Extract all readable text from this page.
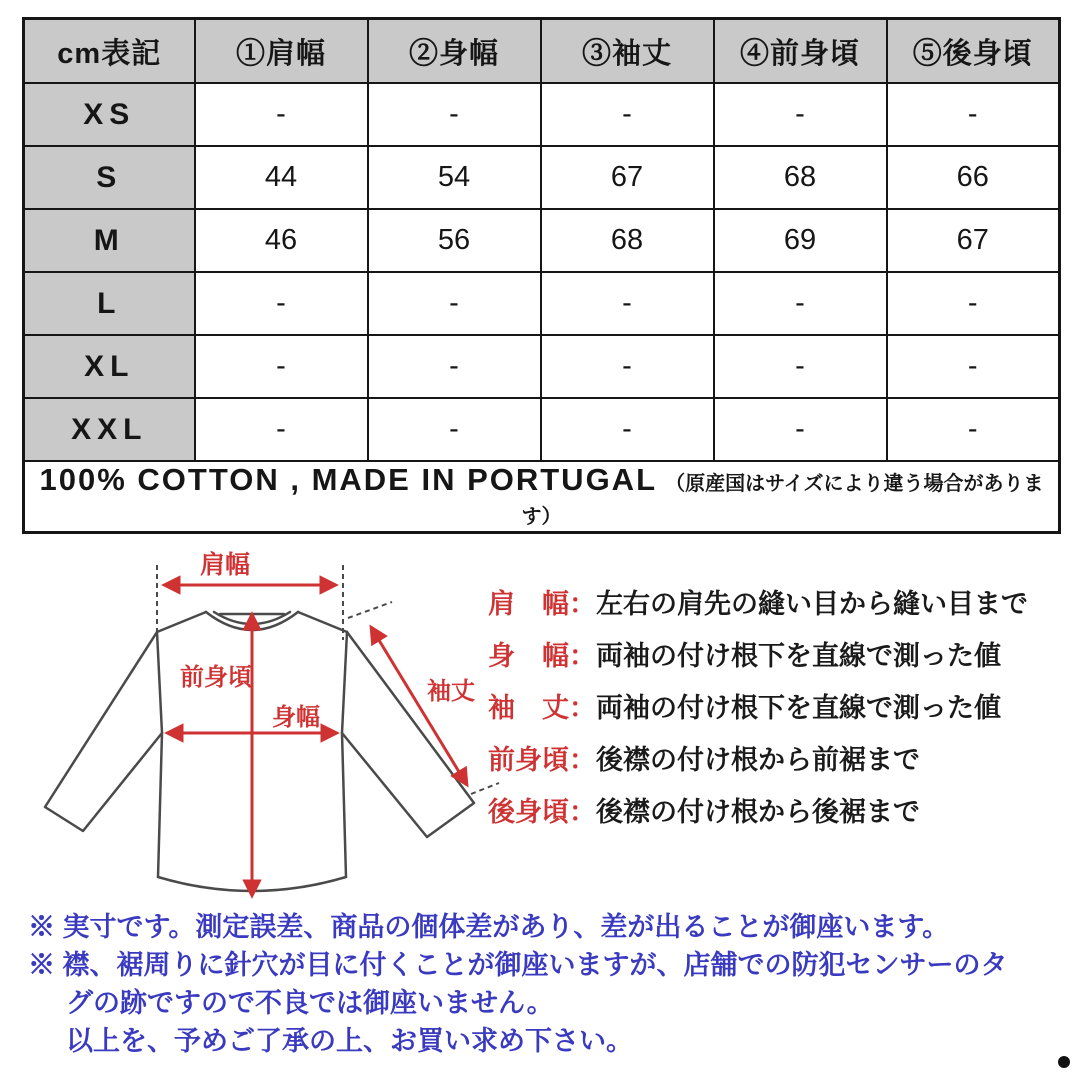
cm表記	①肩幅	②身幅	③袖丈	④前身頃	⑤後身頃
XS	-	-	-	-	-
S	44	54	67	68	66
M	46	56	68	69	67
L	-	-	-	-	-
XL	-	-	-	-	-
XXL	-	-	-	-	-
100% COTTON , MADE IN PORTUGAL （原産国はサイズにより違う場合があります）					
肩幅
前身頃
身幅
袖丈
肩　幅：左右の肩先の縫い目から縫い目まで
身　幅：両袖の付け根下を直線で測った値
袖　丈：両袖の付け根下を直線で測った値
前身頃：後襟の付け根から前裾まで
後身頃：後襟の付け根から後裾まで
※ 実寸です。測定誤差、商品の個体差があり、差が出ることが御座います。
※ 襟、裾周りに針穴が目に付くことが御座いますが、店舗での防犯センサーのタ
グの跡ですので不良では御座いません。
以上を、予めご了承の上、お買い求め下さい。
